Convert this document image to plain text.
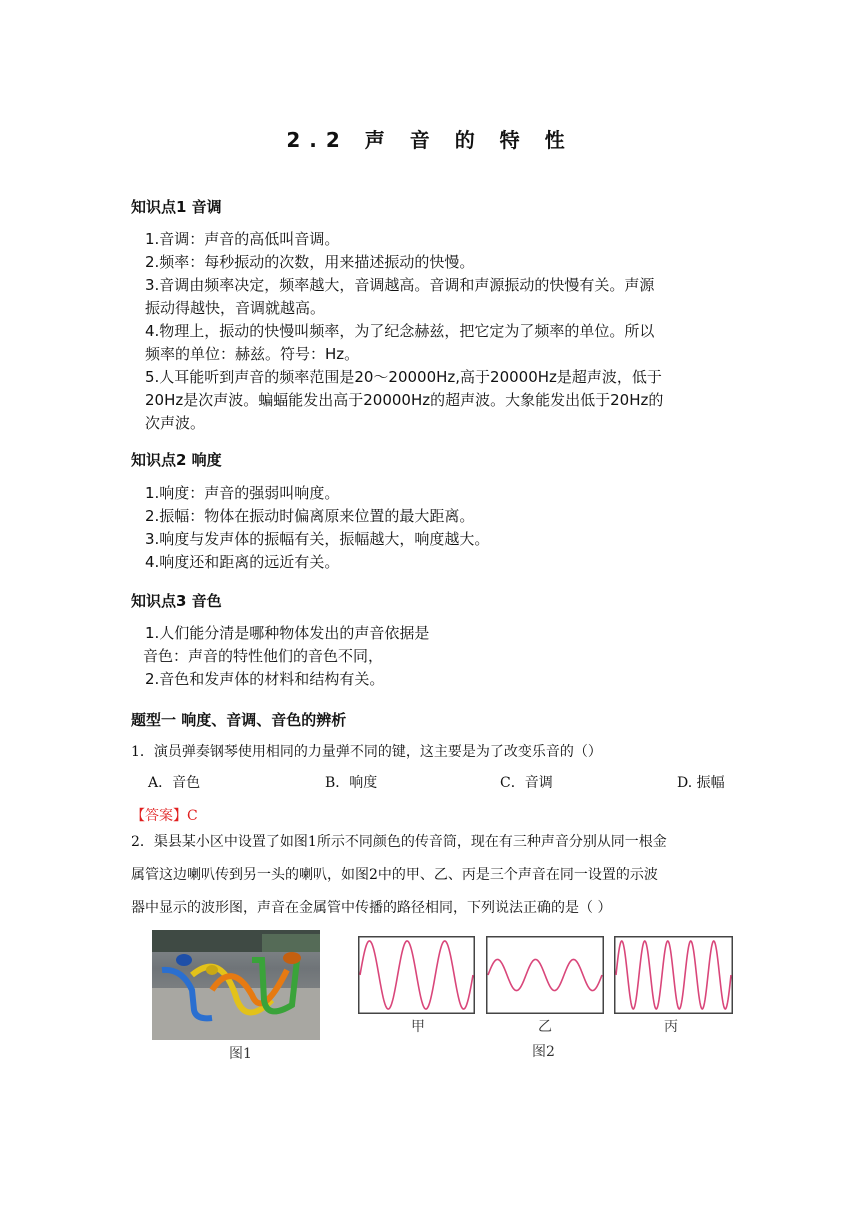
2.2 声 音 的 特 性
知识点1 音调

1.音调：声音的高低叫音调。

2.频率：每秒振动的次数，用来描述振动的快慢。

3.音调由频率决定，频率越大，音调越高。音调和声源振动的快慢有关。声源

振动得越快，音调就越高。

4.物理上，振动的快慢叫频率，为了纪念赫兹，把它定为了频率的单位。所以

频率的单位：赫兹。符号：Hz。

5.人耳能听到声音的频率范围是20～20000Hz,高于20000Hz是超声波，低于

20Hz是次声波。蝙蝠能发出高于20000Hz的超声波。大象能发出低于20Hz的

次声波。

知识点2 响度

1.响度：声音的强弱叫响度。

2.振幅：物体在振动时偏离原来位置的最大距离。

3.响度与发声体的振幅有关，振幅越大，响度越大。

4.响度还和距离的远近有关。

知识点3 音色

1.人们能分清是哪种物体发出的声音依据是

音色：声音的特性他们的音色不同，

2.音色和发声体的材料和结构有关。

题型一 响度、音调、音色的辨析
1．演员弹奏钢琴使用相同的力量弹不同的键，这主要是为了改变乐音的（）
A．音色	B．响度	C．音调	D. 振幅
【答案】C
2．渠县某小区中设置了如图1所示不同颜色的传音筒，现在有三种声音分别从同一根金
属管这边喇叭传到另一头的喇叭，如图2中的甲、乙、丙是三个声音在同一设置的示波
器中显示的波形图，声音在金属管中传播的路径相同，下列说法正确的是（ ）
图1
甲	乙	丙
图2
